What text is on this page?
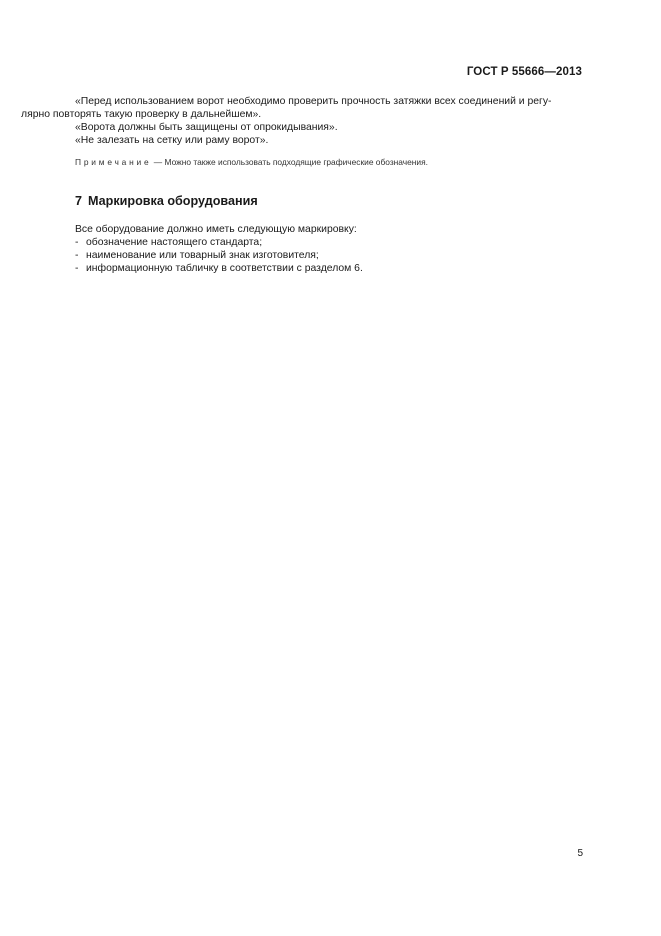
ГОСТ Р 55666—2013

«Перед использованием ворот необходимо проверить прочность затяжки всех соединений и регу-
лярно повторять такую проверку в дальнейшем».

«Ворота должны быть защищены от опрокидывания».

«Не залезать на сетку или раму ворот».

Примечание — Можно также использовать подходящие графические обозначения.
7 Маркировка оборудования

Все оборудование должно иметь следующую маркировку:

- обозначение настоящего стандарта;
- наименование или товарный знак изготовителя;
- информационную табличку в соответствии с разделом 6.
5
